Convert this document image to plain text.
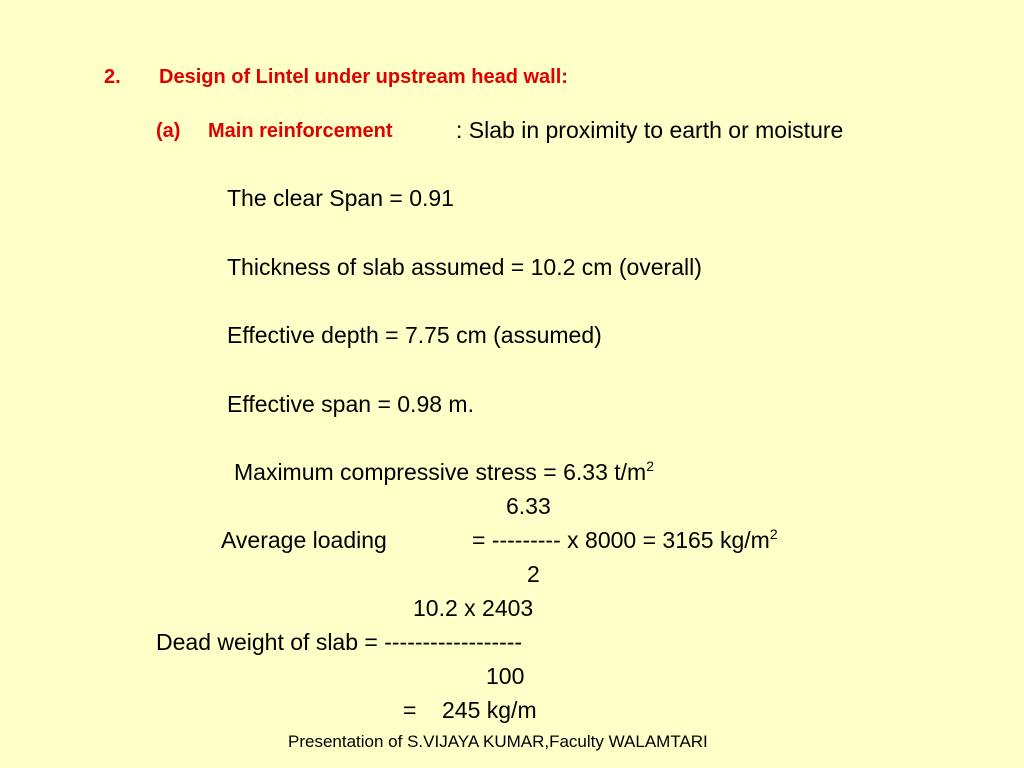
2. Design of Lintel under upstream head wall:
(a) Main reinforcement	: Slab in proximity to earth or moisture
The clear Span = 0.91
Thickness of slab assumed = 10.2 cm (overall)
Effective depth = 7.75 cm (assumed)
Effective span = 0.98 m.
Maximum compressive stress = 6.33 $t/m^2$
6.33
Average loading	= --------- x 8000 = 3165 $kg/m^2$
2
10.2 x 2403
Dead weight of slab = ------------------
100
=    245 kg/m
Presentation of S.VIJAYA KUMAR,Faculty WALAMTARI
